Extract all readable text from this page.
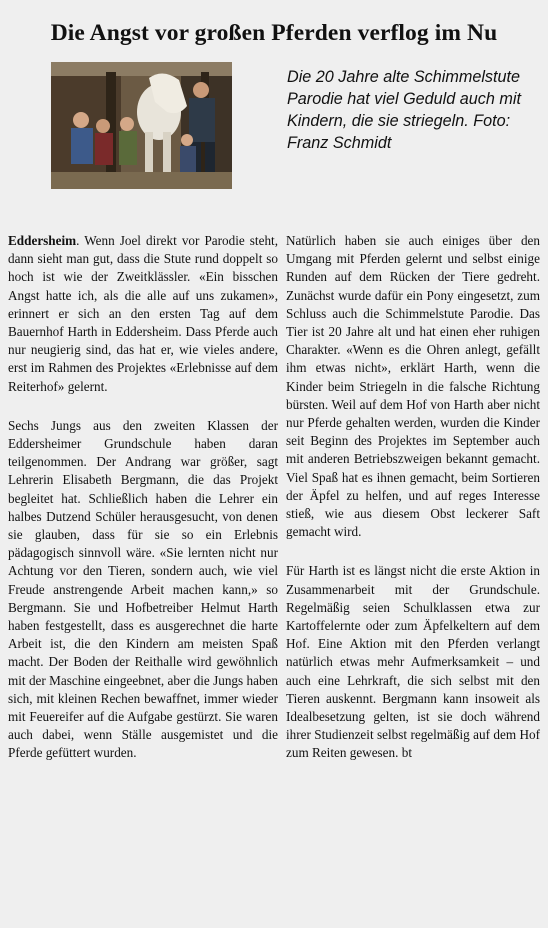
Die Angst vor großen Pferden verflog im Nu
Die 20 Jahre alte Schimmelstute Parodie hat viel Geduld auch mit Kindern, die sie striegeln. Foto: Franz Schmidt

Eddersheim. Wenn Joel direkt vor Parodie steht, dann sieht man gut, dass die Stute rund doppelt so hoch ist wie der Zweitklässler. «Ein bisschen Angst hatte ich, als die alle auf uns zukamen», erinnert er sich an den ersten Tag auf dem Bauernhof Harth in Eddersheim. Dass Pferde auch nur neugierig sind, das hat er, wie vieles andere, erst im Rahmen des Projektes «Erlebnisse auf dem Reiterhof» gelernt.

Sechs Jungs aus den zweiten Klassen der Eddersheimer Grundschule haben daran teilgenommen. Der Andrang war größer, sagt Lehrerin Elisabeth Bergmann, die das Projekt begleitet hat. Schließlich haben die Lehrer ein halbes Dutzend Schüler herausgesucht, von denen sie glauben, dass für sie so ein Erlebnis pädagogisch sinnvoll wäre. «Sie lernten nicht nur Achtung vor den Tieren, sondern auch, wie viel Freude anstrengende Arbeit machen kann,» so Bergmann. Sie und Hofbetreiber Helmut Harth haben festgestellt, dass es ausgerechnet die harte Arbeit ist, die den Kindern am meisten Spaß macht. Der Boden der Reithalle wird gewöhnlich mit der Maschine eingeebnet, aber die Jungs haben sich, mit kleinen Rechen bewaffnet, immer wieder mit Feuereifer auf die Aufgabe gestürzt. Sie waren auch dabei, wenn Ställe ausgemistet und die Pferde gefüttert wurden.

Natürlich haben sie auch einiges über den Umgang mit Pferden gelernt und selbst einige Runden auf dem Rücken der Tiere gedreht. Zunächst wurde dafür ein Pony eingesetzt, zum Schluss auch die Schimmelstute Parodie. Das Tier ist 20 Jahre alt und hat einen eher ruhigen Charakter. «Wenn es die Ohren anlegt, gefällt ihm etwas nicht», erklärt Harth, wenn die Kinder beim Striegeln in die falsche Richtung bürsten. Weil auf dem Hof von Harth aber nicht nur Pferde gehalten werden, wurden die Kinder seit Beginn des Projektes im September auch mit anderen Betriebszweigen bekannt gemacht. Viel Spaß hat es ihnen gemacht, beim Sortieren der Äpfel zu helfen, und auf reges Interesse stieß, wie aus diesem Obst leckerer Saft gemacht wird.

Für Harth ist es längst nicht die erste Aktion in Zusammenarbeit mit der Grundschule. Regelmäßig seien Schulklassen etwa zur Kartoffelernte oder zum Äpfelkeltern auf dem Hof. Eine Aktion mit den Pferden verlangt natürlich etwas mehr Aufmerksamkeit – und auch eine Lehrkraft, die sich selbst mit den Tieren auskennt. Bergmann kann insoweit als Idealbesetzung gelten, ist sie doch während ihrer Studienzeit selbst regelmäßig auf dem Hof zum Reiten gewesen. bt
